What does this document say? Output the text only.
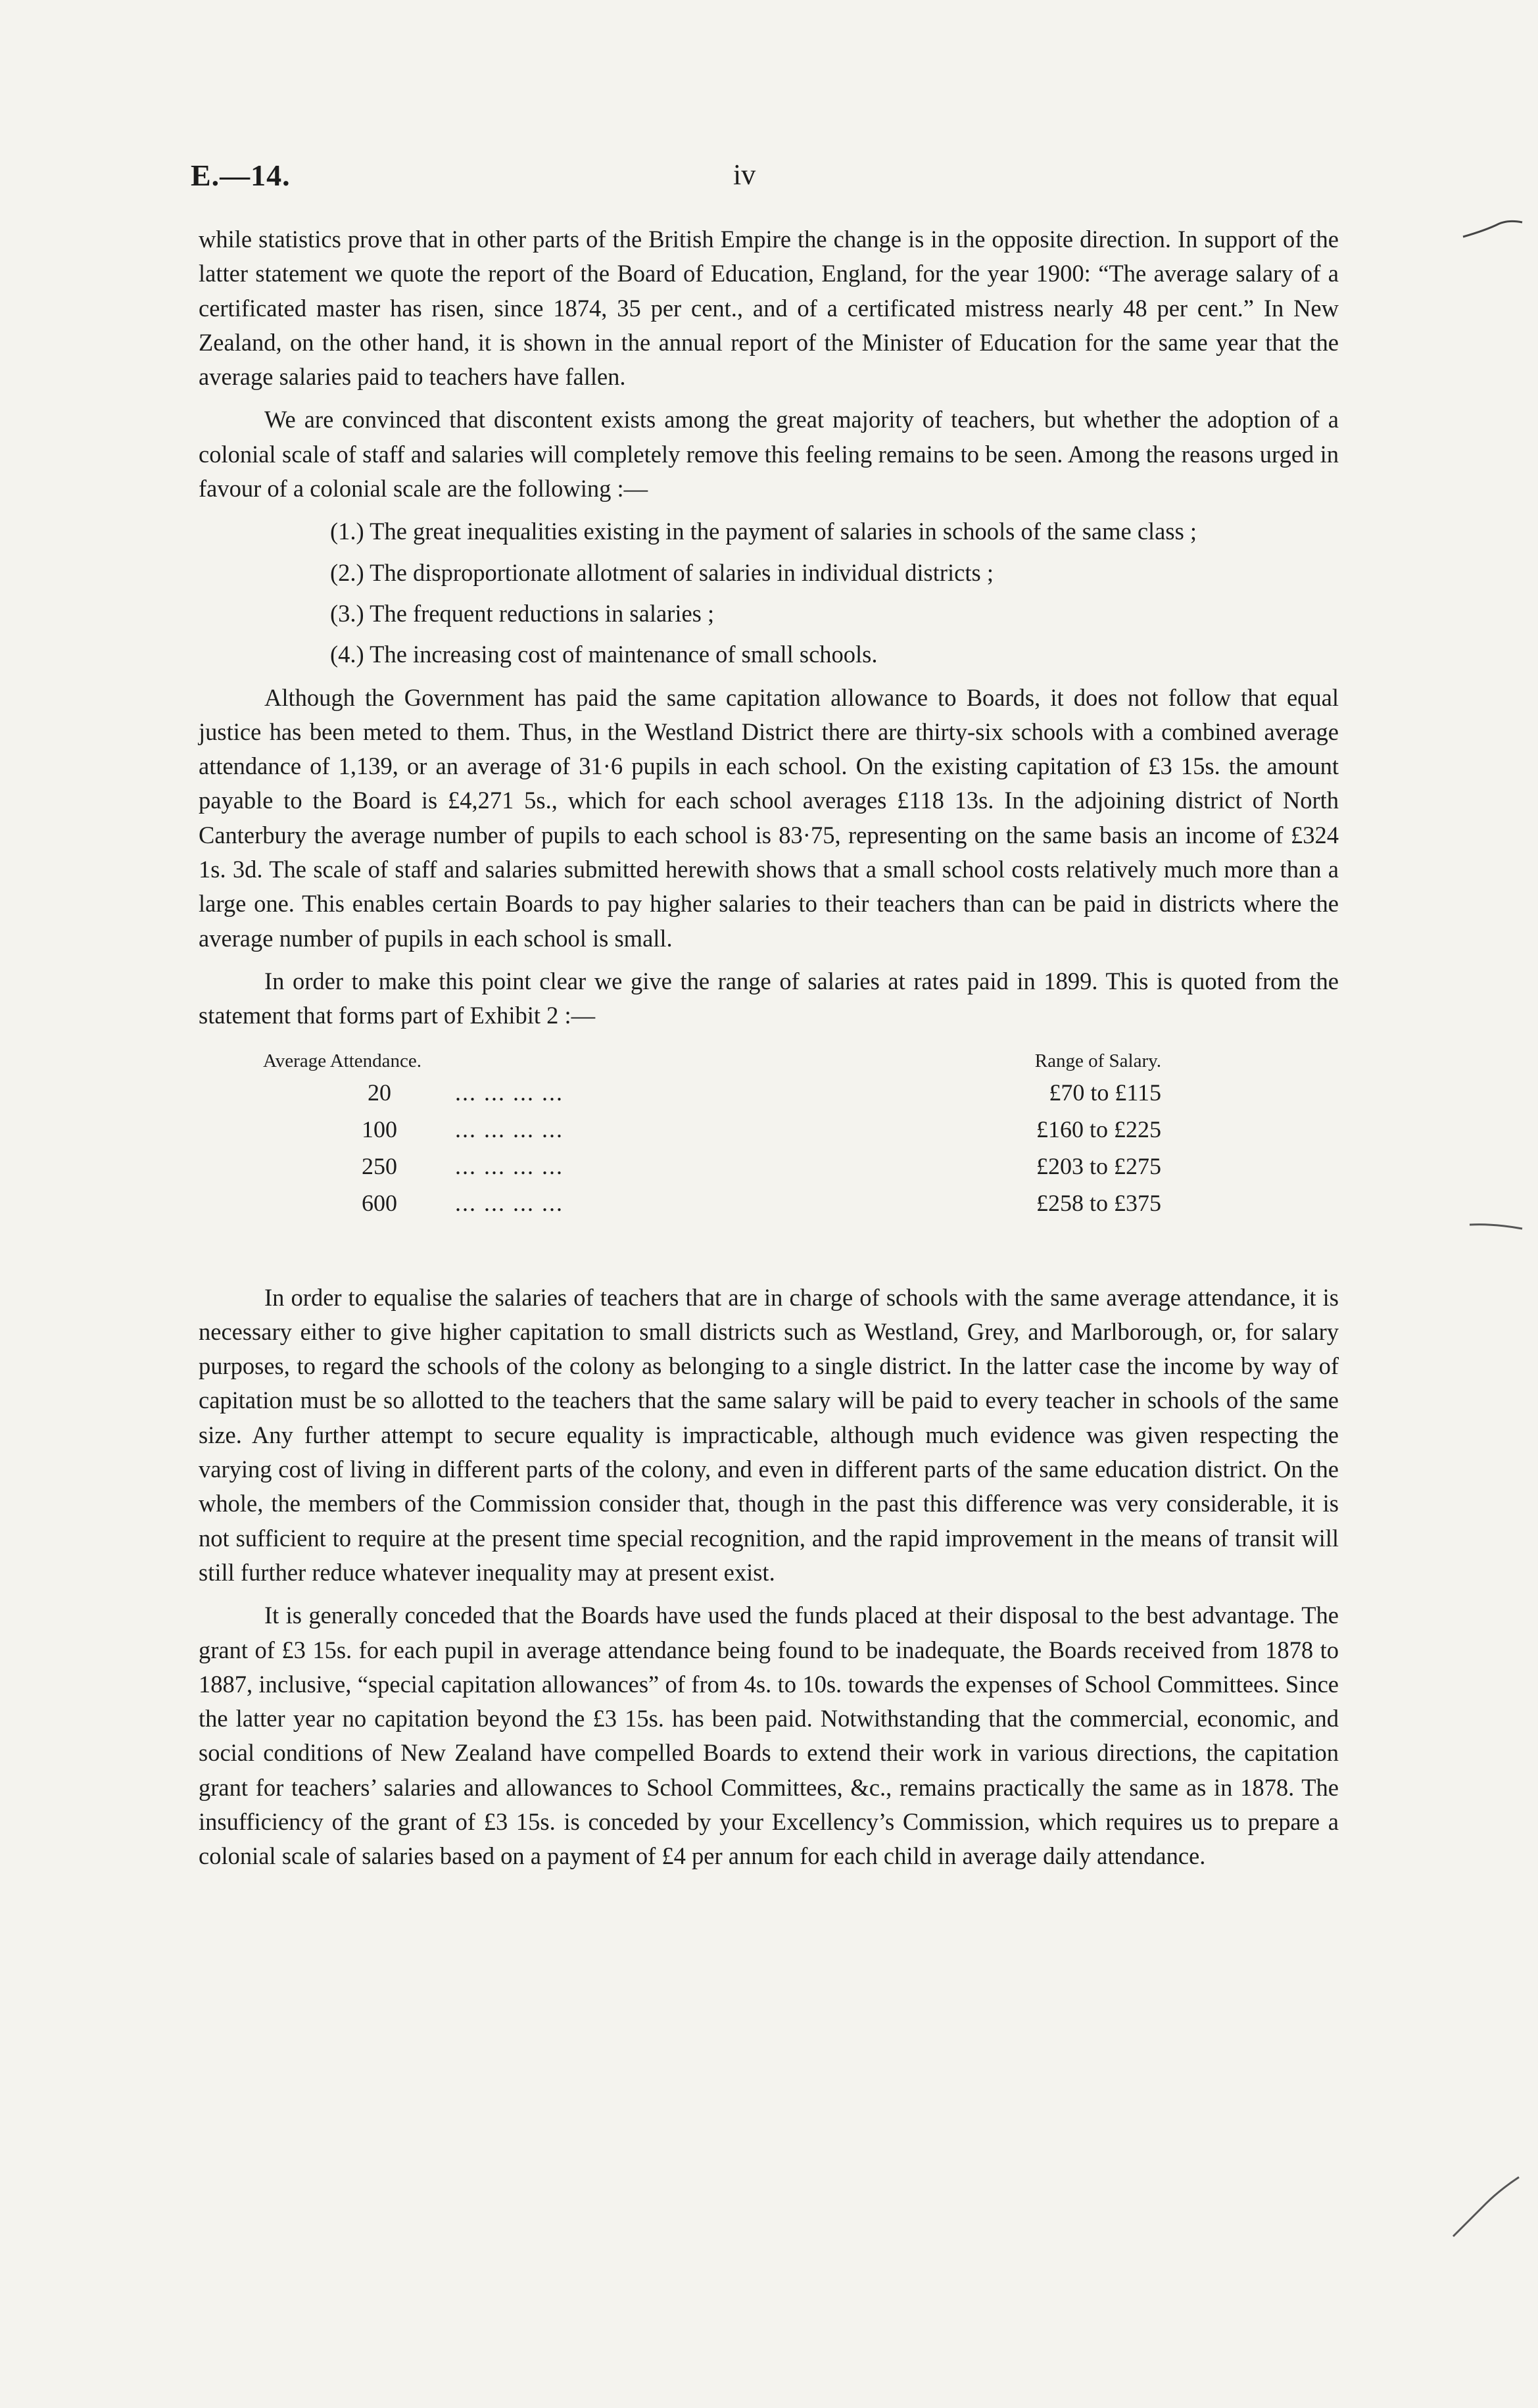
E.—14.	iv

while statistics prove that in other parts of the British Empire the change is in the opposite direction. In support of the latter statement we quote the report of the Board of Education, England, for the year 1900: “The average salary of a certificated master has risen, since 1874, 35 per cent., and of a certificated mistress nearly 48 per cent.” In New Zealand, on the other hand, it is shown in the annual report of the Minister of Education for the same year that the average salaries paid to teachers have fallen.

We are convinced that discontent exists among the great majority of teachers, but whether the adoption of a colonial scale of staff and salaries will completely remove this feeling remains to be seen. Among the reasons urged in favour of a colonial scale are the following :—

(1.) The great inequalities existing in the payment of salaries in schools of the same class ;
(2.) The disproportionate allotment of salaries in individual districts ;
(3.) The frequent reductions in salaries ;
(4.) The increasing cost of maintenance of small schools.

Although the Government has paid the same capitation allowance to Boards, it does not follow that equal justice has been meted to them. Thus, in the Westland District there are thirty-six schools with a combined average attendance of 1,139, or an average of 31·6 pupils in each school. On the existing capitation of £3 15s. the amount payable to the Board is £4,271 5s., which for each school averages £118 13s. In the adjoining district of North Canterbury the average number of pupils to each school is 83·75, representing on the same basis an income of £324 1s. 3d. The scale of staff and salaries submitted herewith shows that a small school costs relatively much more than a large one. This enables certain Boards to pay higher salaries to their teachers than can be paid in districts where the average number of pupils in each school is small.

In order to make this point clear we give the range of salaries at rates paid in 1899. This is quoted from the statement that forms part of Exhibit 2 :—

Average Attendance.	Range of Salary.
20	... ... ... ...	£70 to £115
100	... ... ... ...	£160 to £225
250	... ... ... ...	£203 to £275
600	... ... ... ...	£258 to £375

In order to equalise the salaries of teachers that are in charge of schools with the same average attendance, it is necessary either to give higher capitation to small districts such as Westland, Grey, and Marlborough, or, for salary purposes, to regard the schools of the colony as belonging to a single district. In the latter case the income by way of capitation must be so allotted to the teachers that the same salary will be paid to every teacher in schools of the same size. Any further attempt to secure equality is impracticable, although much evidence was given respecting the varying cost of living in different parts of the colony, and even in different parts of the same education district. On the whole, the members of the Commission consider that, though in the past this difference was very considerable, it is not sufficient to require at the present time special recognition, and the rapid improvement in the means of transit will still further reduce whatever inequality may at present exist.

It is generally conceded that the Boards have used the funds placed at their disposal to the best advantage. The grant of £3 15s. for each pupil in average attendance being found to be inadequate, the Boards received from 1878 to 1887, inclusive, “special capitation allowances” of from 4s. to 10s. towards the expenses of School Committees. Since the latter year no capitation beyond the £3 15s. has been paid. Notwithstanding that the commercial, economic, and social conditions of New Zealand have compelled Boards to extend their work in various directions, the capitation grant for teachers’ salaries and allowances to School Committees, &c., remains practically the same as in 1878. The insufficiency of the grant of £3 15s. is conceded by your Excellency’s Commission, which requires us to prepare a colonial scale of salaries based on a payment of £4 per annum for each child in average daily attendance.
